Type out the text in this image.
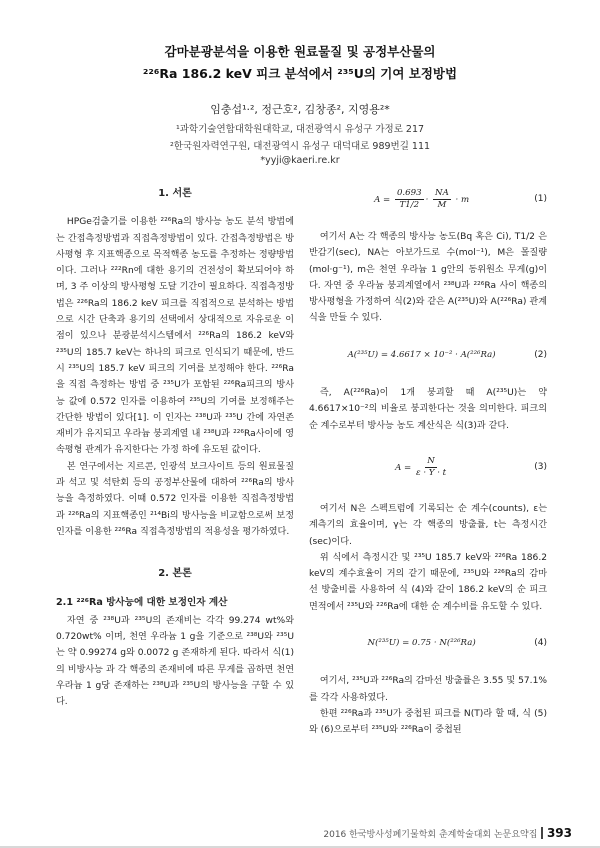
감마분광분석을 이용한 원료물질 및 공정부산물의
²²⁶Ra 186.2 keV 피크 분석에서 ²³⁵U의 기여 보정방법
임충섭¹·², 정근호², 김창종², 지영용²*
¹과학기술연합대학원대학교, 대전광역시 유성구 가정로 217
²한국원자력연구원, 대전광역시 유성구 대덕대로 989번길 111
*yyji@kaeri.re.kr
1. 서론

HPGe검출기를 이용한 ²²⁶Ra의 방사능 농도 분석 방법에는 간접측정방법과 직접측정방법이 있다. 간접측정방법은 방사평형 후 지표핵종으로 목적핵종 농도를 추정하는 정량방법이다. 그러나 ²²²Rn에 대한 용기의 건전성이 확보되어야 하며, 3 주 이상의 방사평형 도달 기간이 필요하다. 직접측정방법은 ²²⁶Ra의 186.2 keV 피크를 직접적으로 분석하는 방법으로 시간 단축과 용기의 선택에서 상대적으로 자유로운 이점이 있으나 분광분석시스템에서 ²²⁶Ra의 186.2 keV와 ²³⁵U의 185.7 keV는 하나의 피크로 인식되기 때문에, 반드시 ²³⁵U의 185.7 keV 피크의 기여를 보정해야 한다. ²²⁶Ra을 직접 측정하는 방법 중 ²³⁵U가 포함된 ²²⁶Ra피크의 방사능 값에 0.572 인자를 이용하여 ²³⁵U의 기여를 보정해주는 간단한 방법이 있다[1]. 이 인자는 ²³⁸U과 ²³⁵U 간에 자연존재비가 유지되고 우라늄 붕괴계열 내 ²³⁸U과 ²²⁶Ra사이에 영속평형 관계가 유지한다는 가정 하에 유도된 값이다.

본 연구에서는 지르콘, 인광석 보크사이트 등의 원료물질과 석고 및 석탄회 등의 공정부산물에 대하여 ²²⁶Ra의 방사능을 측정하였다. 이때 0.572 인자를 이용한 직접측정방법과 ²²⁶Ra의 지표핵종인 ²¹⁴Bi의 방사능을 비교함으로써 보정인자를 이용한 ²²⁶Ra 직접측정방법의 적용성을 평가하였다.

2. 본론
2.1 ²²⁶Ra 방사능에 대한 보정인자 계산

자연 중 ²³⁸U과 ²³⁵U의 존재비는 각각 99.274 wt%와 0.720wt% 이며, 천연 우라늄 1 g을 기준으로 ²³⁸U와 ²³⁵U는 약 0.99274 g와 0.0072 g 존재하게 된다. 따라서 식(1)의 비방사능 과 각 핵종의 존재비에 따른 무게를 곱하면 천연 우라늄 1 g당 존재하는 ²³⁸U과 ²³⁵U의 방사능을 구할 수 있다.

$A = \frac{0.693}{T1/2} \cdot \frac{NA}{M} \cdot m$	(1)

여기서 A는 각 핵종의 방사능 농도(Bq 혹은 Ci), T1/2 은 반감기(sec), NA는 아보가드로 수(mol⁻¹), M은 몰질량(mol·g⁻¹), m은 천연 우라늄 1 g안의 동위원소 무게(g)이다. 자연 중 우라늄 붕괴계열에서 ²³⁸U과 ²²⁶Ra 사이 핵종의 방사평형을 가정하여 식(2)와 같은 A(²³⁵U)와 A(²²⁶Ra) 관계식을 만들 수 있다.

A(²³⁵U) = 4.6617 × 10⁻² · A(²²⁶Ra)	(2)

즉, A(²²⁶Ra)이 1개 붕괴할 때 A(²³⁵U)는 약 4.6617×10⁻²의 비율로 붕괴한다는 것을 의미한다. 피크의 순 계수로부터 방사능 농도 계산식은 식(3)과 같다.

$A = \frac{N}{\varepsilon \cdot Y \cdot t}$	(3)

여기서 N은 스펙트럼에 기록되는 순 계수(counts), ε는 계측기의 효율이며, γ는 각 핵종의 방출률, t는 측정시간(sec)이다.

위 식에서 측정시간 및 ²³⁵U 185.7 keV와 ²²⁶Ra 186.2 keV의 계수효율이 거의 같기 때문에, ²³⁵U와 ²²⁶Ra의 감마선 방출비를 사용하여 식 (4)와 같이 186.2 keV의 순 피크면적에서 ²³⁵U와 ²²⁶Ra에 대한 순 계수비를 유도할 수 있다.

N(²³⁵U) = 0.75 · N(²²⁶Ra)	(4)

여기서, ²³⁵U과 ²²⁶Ra의 감마선 방출률은 3.55 및 57.1%를 각각 사용하였다.

한편 ²²⁶Ra과 ²³⁵U가 중첩된 피크를 N(T)라 할 때, 식 (5)와 (6)으로부터 ²³⁵U와 ²²⁶Ra이 중첩된

2016 한국방사성폐기물학회 춘계학술대회 논문요약집 393
